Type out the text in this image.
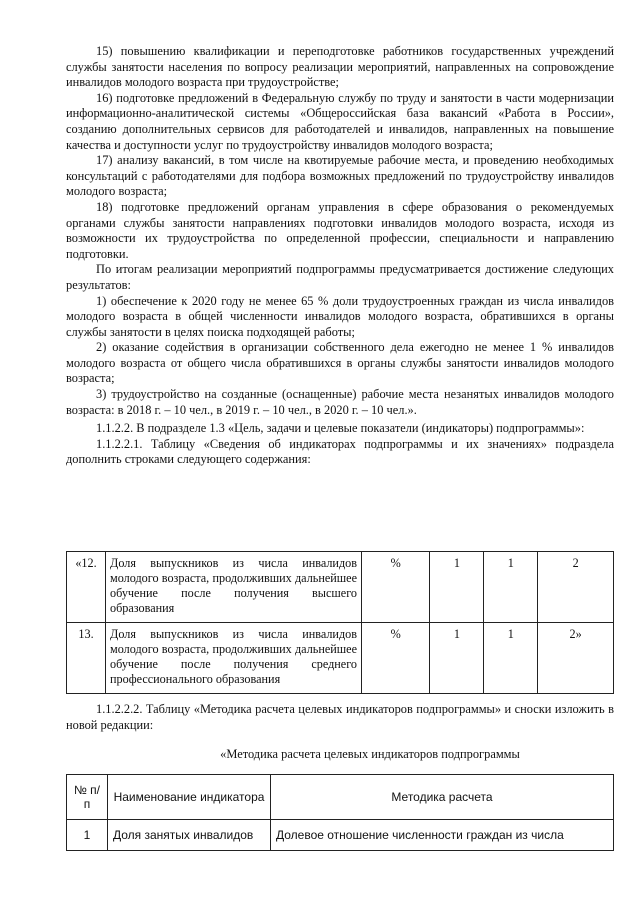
15) повышению квалификации и переподготовке работников государственных учреждений службы занятости населения по вопросу реализации мероприятий, направленных на сопровождение инвалидов молодого возраста при трудоустройстве;

16) подготовке предложений в Федеральную службу по труду и занятости в части модернизации информационно-аналитической системы «Общероссийская база вакансий «Работа в России», созданию дополнительных сервисов для работодателей и инвалидов, направленных на повышение качества и доступности услуг по трудоустройству инвалидов молодого возраста;

17) анализу вакансий, в том числе на квотируемые рабочие места, и проведению необходимых консультаций с работодателями для подбора возможных предложений по трудоустройству инвалидов молодого возраста;

18) подготовке предложений органам управления в сфере образования о рекомендуемых органами службы занятости направлениях подготовки инвалидов молодого возраста, исходя из возможности их трудоустройства по определенной профессии, специальности и направлению подготовки.

По итогам реализации мероприятий подпрограммы предусматривается достижение следующих результатов:

1) обеспечение к 2020 году не менее 65 % доли трудоустроенных граждан из числа инвалидов молодого возраста в общей численности инвалидов молодого возраста, обратившихся в органы службы занятости в целях поиска подходящей работы;

2) оказание содействия в организации собственного дела ежегодно не менее 1 % инвалидов молодого возраста от общего числа обратившихся в органы службы занятости инвалидов молодого возраста;

3) трудоустройство на созданные (оснащенные) рабочие места незанятых инвалидов молодого возраста: в 2018 г. – 10 чел., в 2019 г. – 10 чел., в 2020 г. – 10 чел.».

1.1.2.2. В подразделе 1.3 «Цель, задачи и целевые показатели (индикаторы) подпрограммы»:

1.1.2.2.1. Таблицу «Сведения об индикаторах подпрограммы и их значениях» подраздела дополнить строками следующего содержания:

«12.	Доля выпускников из числа инвалидов молодого возраста, продолживших дальнейшее обучение после получения высшего образования	%	1	1	2
13.	Доля выпускников из числа инвалидов молодого возраста, продолживших дальнейшее обучение после получения среднего профессионального образования	%	1	1	2»

1.1.2.2.2. Таблицу «Методика расчета целевых индикаторов подпрограммы» и сноски изложить в новой редакции:

«Методика расчета целевых индикаторов подпрограммы

№ п/п	Наименование индикатора	Методика расчета
1	Доля занятых инвалидов	Долевое отношение численности граждан из числа
